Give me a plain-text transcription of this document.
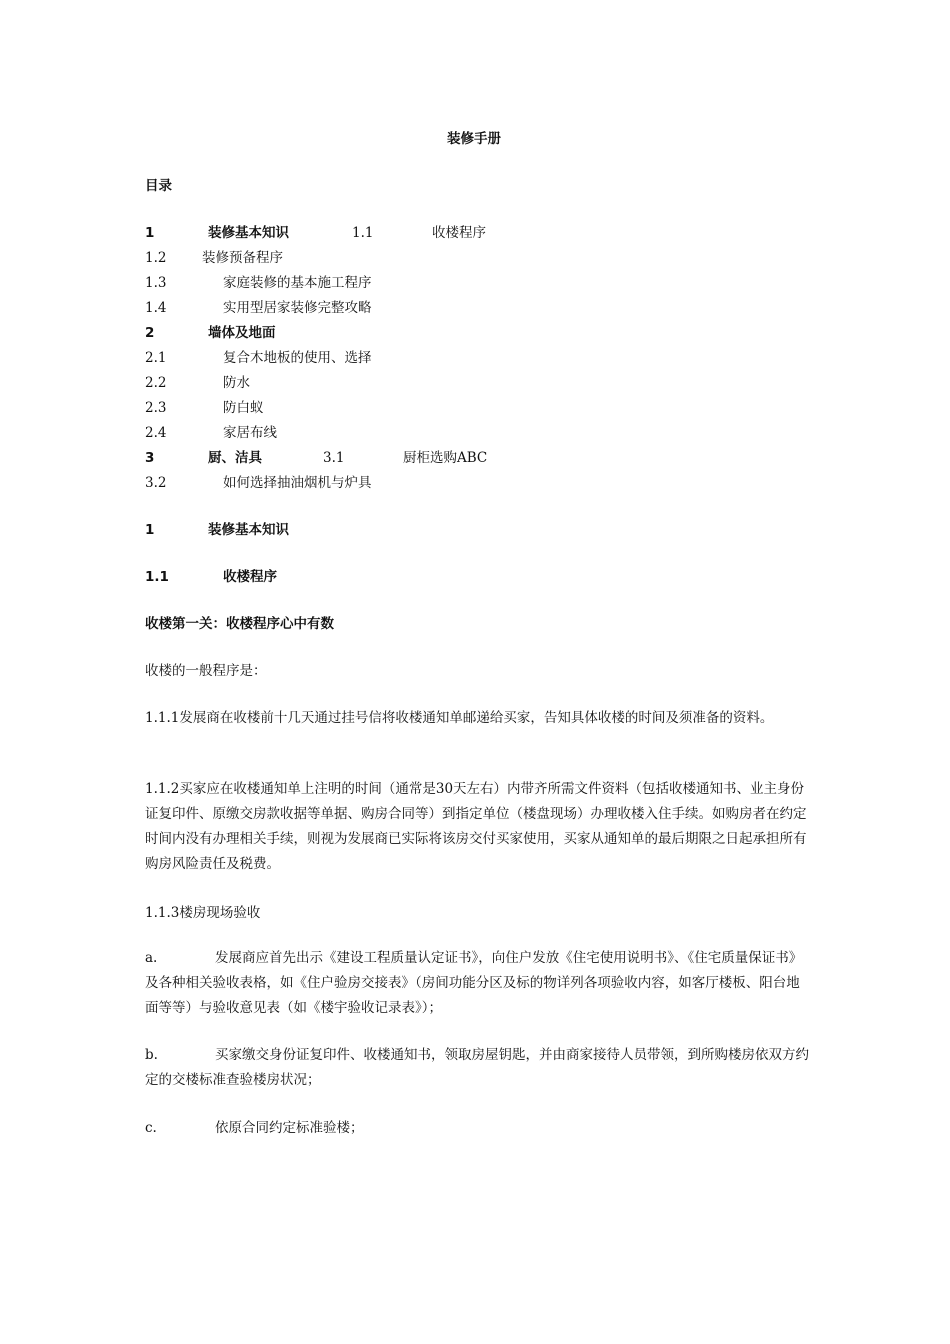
装修手册
目录
1	装修基本知识	1.1	收楼程序
1.2	装修预备程序
1.3	家庭装修的基本施工程序
1.4	实用型居家装修完整攻略
2	墙体及地面
2.1	复合木地板的使用、选择
2.2	防水
2.3	防白蚁
2.4	家居布线
3	厨、洁具	3.1	厨柜选购ABC
3.2	如何选择抽油烟机与炉具
1	装修基本知识
1.1	收楼程序
收楼第一关：收楼程序心中有数
收楼的一般程序是：
1.1.1发展商在收楼前十几天通过挂号信将收楼通知单邮递给买家，告知具体收楼的时间及须准备的资料。
1.1.2买家应在收楼通知单上注明的时间（通常是30天左右）内带齐所需文件资料（包括收楼通知书、业主身份证复印件、原缴交房款收据等单据、购房合同等）到指定单位（楼盘现场）办理收楼入住手续。如购房者在约定时间内没有办理相关手续，则视为发展商已实际将该房交付买家使用，买家从通知单的最后期限之日起承担所有购房风险责任及税费。
1.1.3楼房现场验收
a.	发展商应首先出示《建设工程质量认定证书》，向住户发放《住宅使用说明书》、《住宅质量保证书》及各种相关验收表格，如《住户验房交接表》（房间功能分区及标的物详列各项验收内容，如客厅楼板、阳台地面等等）与验收意见表（如《楼宇验收记录表》）；
b.	买家缴交身份证复印件、收楼通知书，领取房屋钥匙，并由商家接待人员带领，到所购楼房依双方约定的交楼标准查验楼房状况；
c.	依原合同约定标准验楼；
